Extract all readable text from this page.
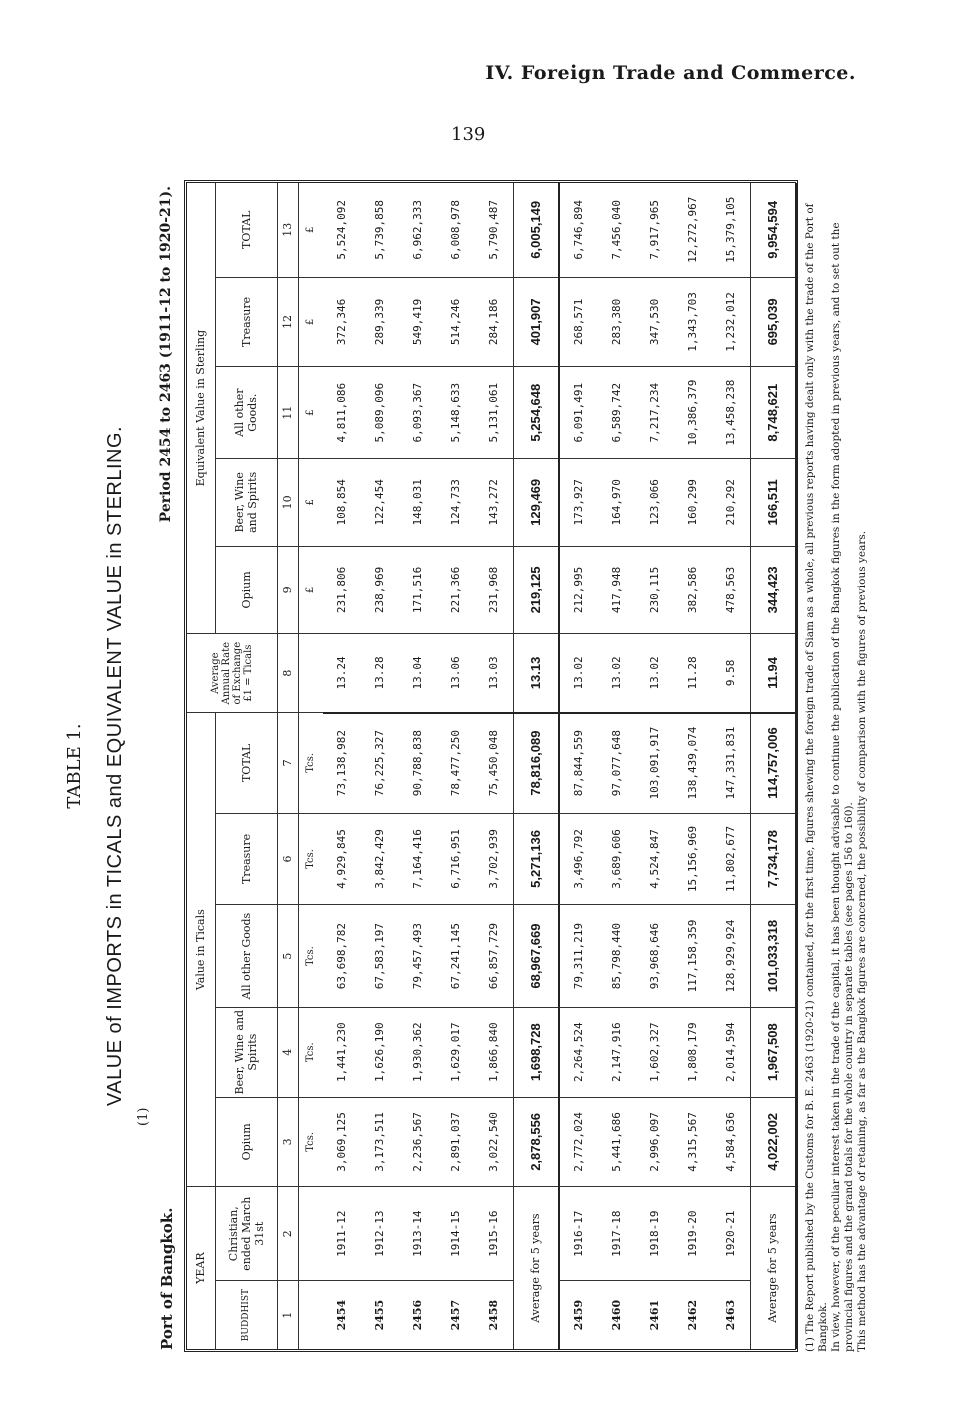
IV. Foreign Trade and Commerce.
139
TABLE 1. VALUE of IMPORTS in TICALS and EQUIVALENT VALUE in STERLING.
(1)
Port of Bangkok.
Period 2454 to 2463 (1911-12 to 1920-21).
YEAR		Value in Ticals					Average Annual Rate of Exchange £1 = Ticals	Equivalent Value in Sterling				
BUDDHIST	Christian, ended March 31st	Opium	Beer, Wine and Spirits	All other Goods	Treasure	TOTAL		Opium	Beer, Wine and Spirits	All other Goods.	Treasure	TOTAL
1	2	3	4	5	6	7	8	9	10	11	12	13
		Tcs.	Tcs.	Tcs.	Tcs.	Tcs.		£	£	£	£	£
2454	1911-12	3,069,125	1,441,230	63,698,782	4,929,845	73,138,982	13.24	231,806	108,854	4,811,086	372,346	5,524,092
2455	1912-13	3,173,511	1,626,190	67,583,197	3,842,429	76,225,327	13.28	238,969	122,454	5,089,096	289,339	5,739,858
2456	1913-14	2,236,567	1,930,362	79,457,493	7,164,416	90,788,838	13.04	171,516	148,031	6,093,367	549,419	6,962,333
2457	1914-15	2,891,037	1,629,017	67,241,145	6,716,951	78,477,250	13.06	221,366	124,733	5,148,633	514,246	6,008,978
2458	1915-16	3,022,540	1,866,840	66,857,729	3,702,939	75,450,048	13.03	231,968	143,272	5,131,061	284,186	5,790,487
Average for 5 years		2,878,556	1,698,728	68,967,669	5,271,136	78,816,089	13.13	219,125	129,469	5,254,648	401,907	6,005,149
2459	1916-17	2,772,024	2,264,524	79,311,219	3,496,792	87,844,559	13.02	212,995	173,927	6,091,491	268,571	6,746,894
2460	1917-18	5,441,686	2,147,916	85,798,440	3,689,606	97,077,648	13.02	417,948	164,970	6,589,742	283,380	7,456,040
2461	1918-19	2,996,097	1,602,327	93,968,646	4,524,847	103,091,917	13.02	230,115	123,066	7,217,234	347,530	7,917,965
2462	1919-20	4,315,567	1,808,179	117,158,359	15,156,969	138,439,074	11.28	382,586	160,299	10,386,379	1,343,703	12,272,967
2463	1920-21	4,584,636	2,014,594	128,929,924	11,802,677	147,331,831	9.58	478,563	210,292	13,458,238	1,232,012	15,379,105
Average for 5 years		4,022,002	1,967,508	101,033,318	7,734,178	114,757,006	11.94	344,423	166,511	8,748,621	695,039	9,954,594 (1) The Report published by the Customs for B. E. 2463 (1920-21) contained, for the first time, figures shewing the foreign trade of Siam as a whole, all previous reports having dealt only with the trade of the Port of Bangkok. In view, however, of the peculiar interest taken in the trade of the capital, it has been thought advisable to continue the publication of the Bangkok figures in the form adopted in previous years, and to set out the provincial figures and the grand totals for the whole country in separate tables (see pages 156 to 160). This method has the advantage of retaining, as far as the Bangkok figures are concerned, the possibility of comparison with the figures of previous years.
